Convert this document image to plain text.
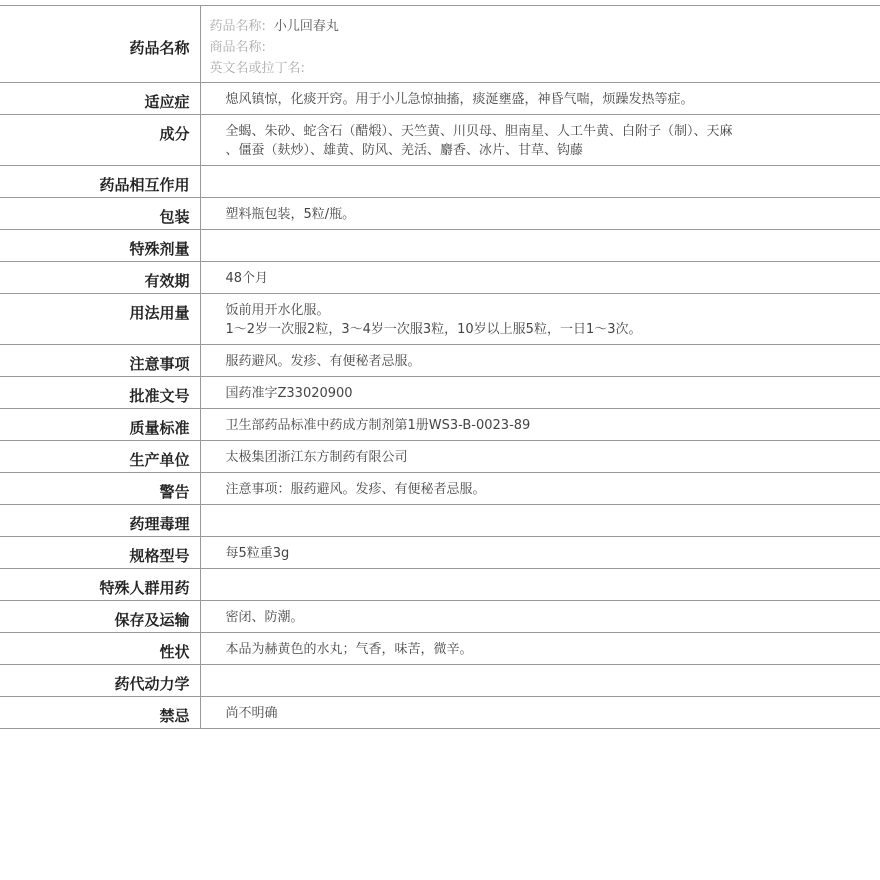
药品名称	药品名称: 小儿回春丸
商品名称:
英文名或拉丁名:

适应症	熄风镇惊，化痰开窍。用于小儿急惊抽搐，痰涎壅盛，神昏气喘，烦躁发热等症。

成分	全蝎、朱砂、蛇含石（醋煅）、天竺黄、川贝母、胆南星、人工牛黄、白附子（制）、天麻
、僵蚕（麸炒）、雄黄、防风、羌活、麝香、冰片、甘草、钩藤

药品相互作用	
包装	塑料瓶包装，5粒/瓶。

特殊剂量	
有效期	48个月

用法用量	饭前用开水化服。
1～2岁一次服2粒，3～4岁一次服3粒，10岁以上服5粒，一日1～3次。

注意事项	服药避风。发疹、有便秘者忌服。

批准文号	国药准字Z33020900

质量标准	卫生部药品标准中药成方制剂第1册WS3-B-0023-89

生产单位	太极集团浙江东方制药有限公司

警告	注意事项：服药避风。发疹、有便秘者忌服。

药理毒理	
规格型号	每5粒重3g

特殊人群用药	
保存及运输	密闭、防潮。

性状	本品为赫黄色的水丸；气香，味苦，微辛。

药代动力学	
禁忌	尚不明确
